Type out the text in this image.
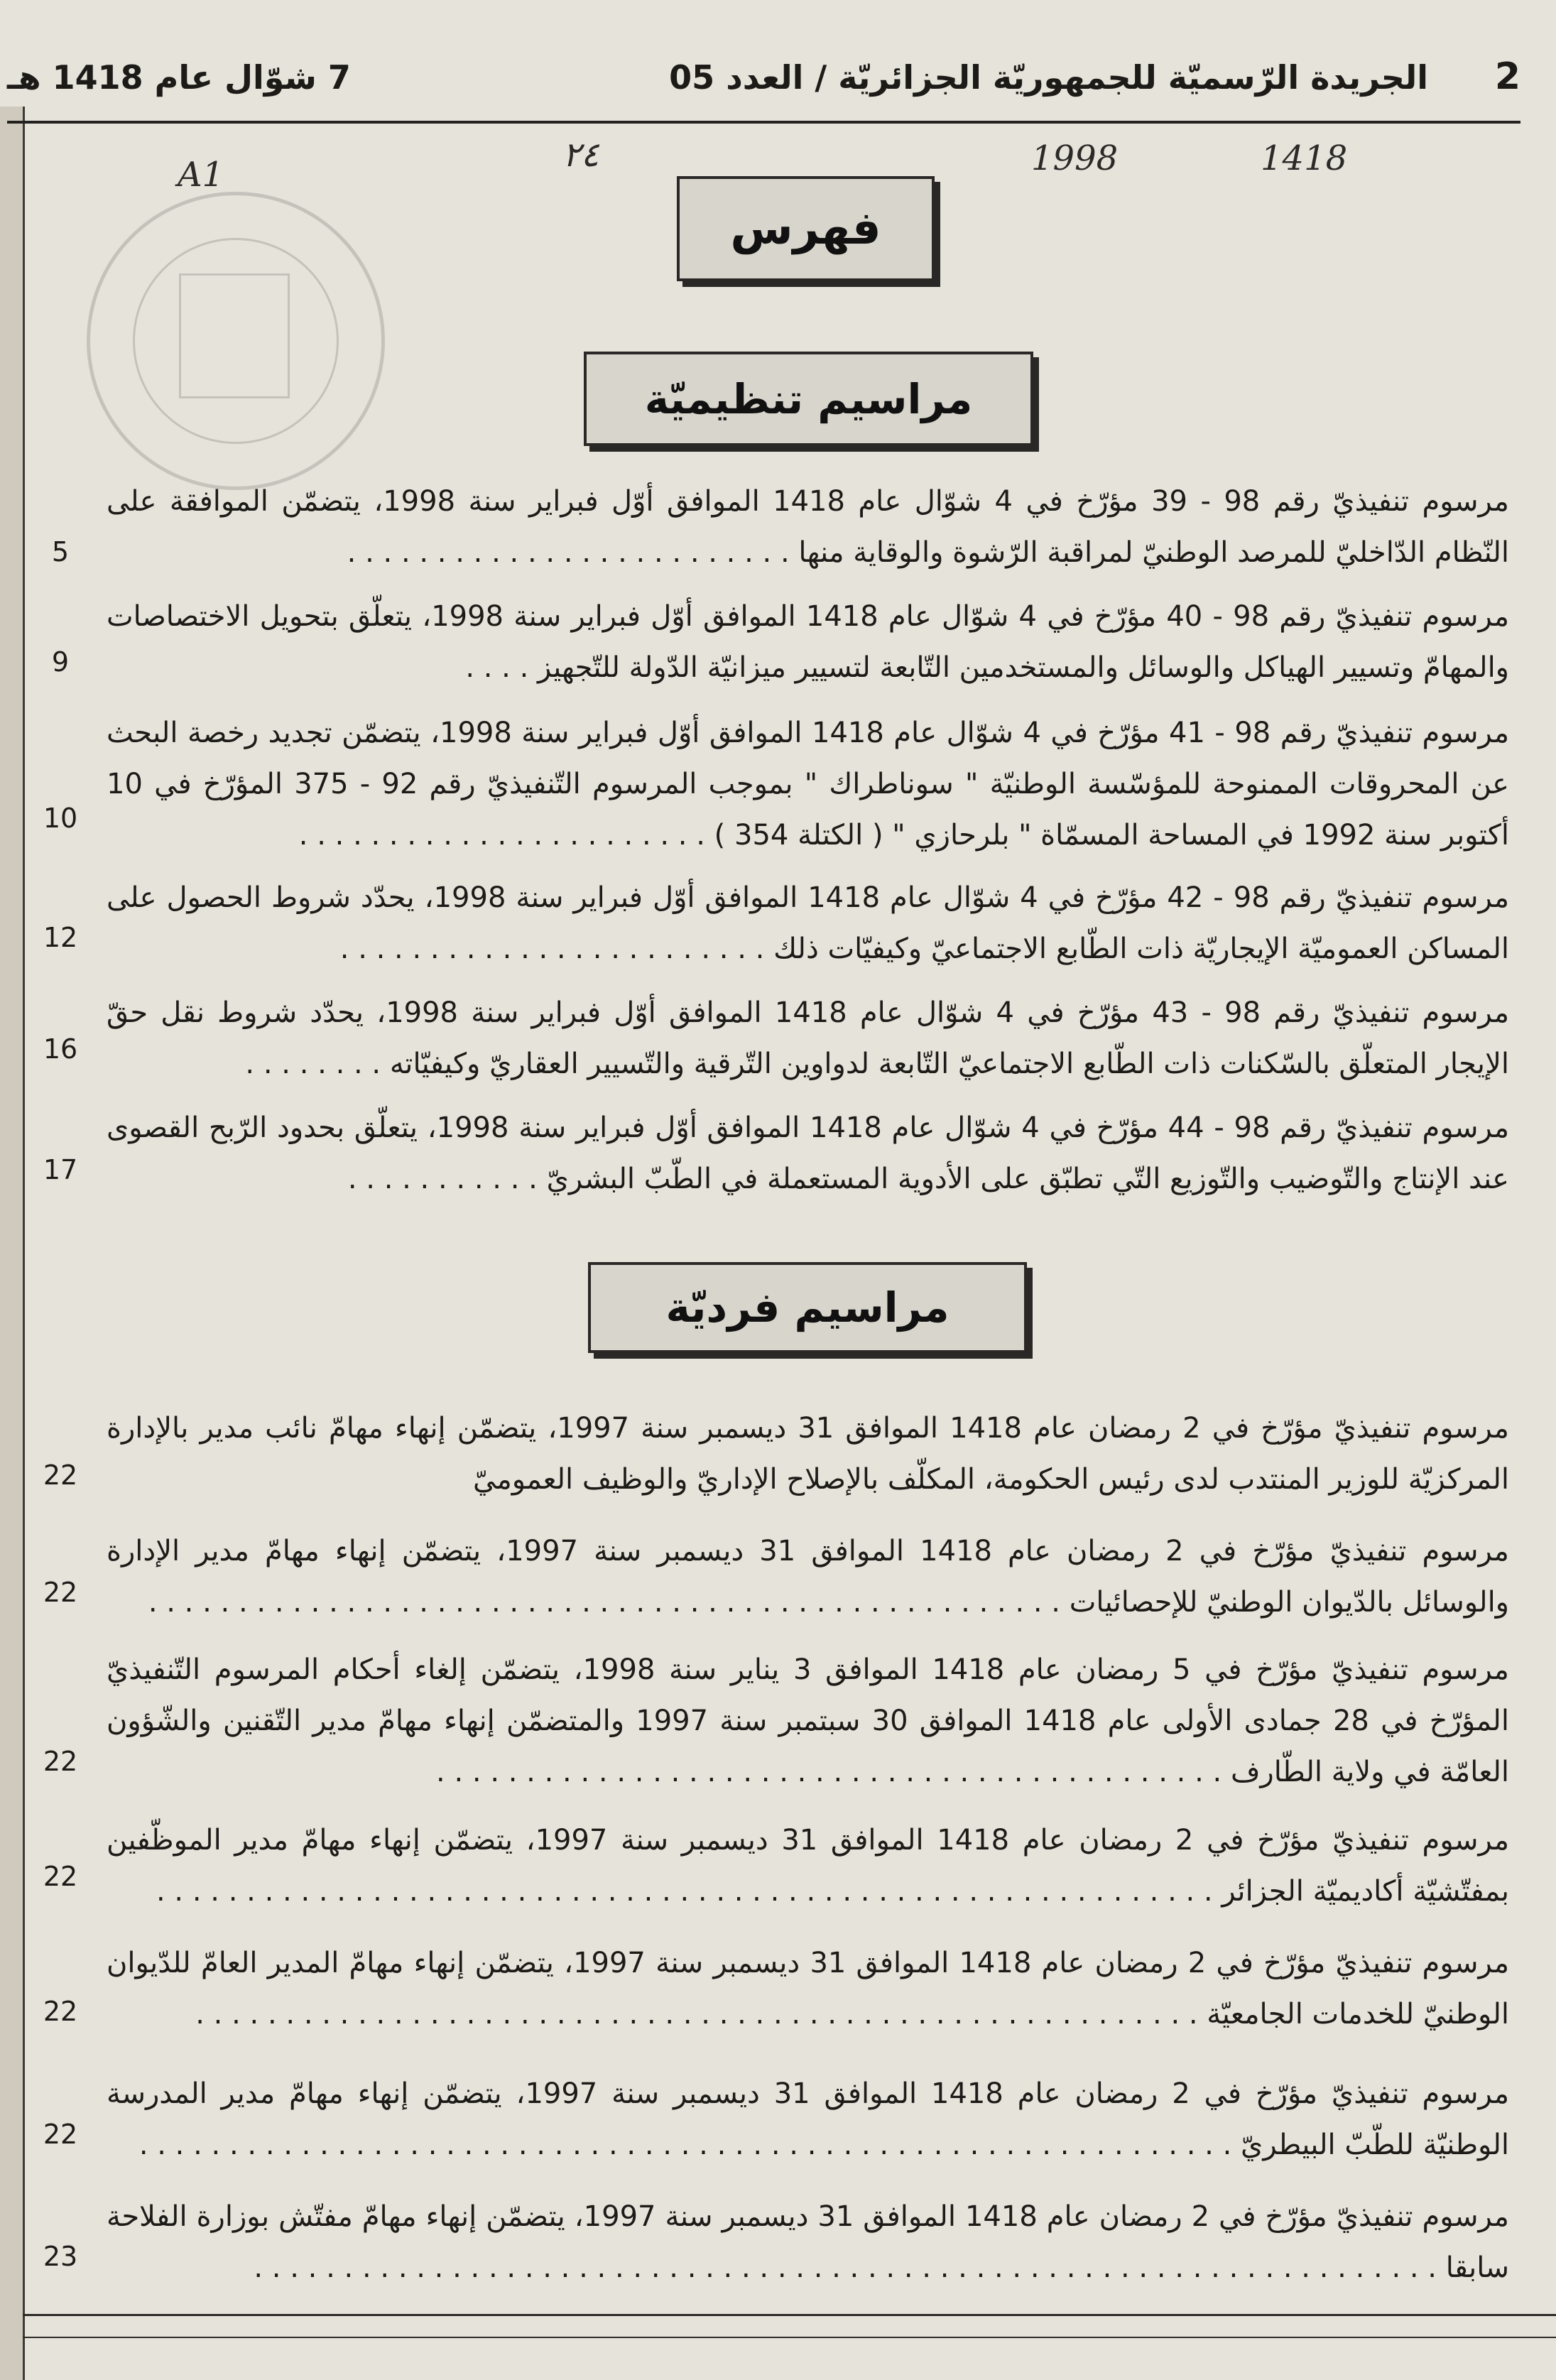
2
الجريدة الرّسميّة للجمهوريّة الجزائريّة / العدد 05
7 شوّال عام 1418 هـ
A1	٢٤	1998	1418
فهرس
مراسيم تنظيميّة
مراسيم فرديّة
مرسوم تنفيذيّ رقم 98 - 39 مؤرّخ في 4 شوّال عام 1418 الموافق أوّل فبراير سنة 1998، يتضمّن الموافقة على النّظام الدّاخليّ للمرصد الوطنيّ لمراقبة الرّشوة والوقاية منها . . . . . . . . . . . . . . . . . . . . . . . . .
5
مرسوم تنفيذيّ رقم 98 - 40 مؤرّخ في 4 شوّال عام 1418 الموافق أوّل فبراير سنة 1998، يتعلّق بتحويل الاختصاصات والمهامّ وتسيير الهياكل والوسائل والمستخدمين التّابعة لتسيير ميزانيّة الدّولة للتّجهيز . . . .
9
مرسوم تنفيذيّ رقم 98 - 41 مؤرّخ في 4 شوّال عام 1418 الموافق أوّل فبراير سنة 1998، يتضمّن تجديد رخصة البحث عن المحروقات الممنوحة للمؤسّسة الوطنيّة " سوناطراك " بموجب المرسوم التّنفيذيّ رقم 92 - 375 المؤرّخ في 10 أكتوبر سنة 1992 في المساحة المسمّاة " بلرحازي " ( الكتلة 354 ) . . . . . . . . . . . . . . . . . . . . . . .
10
مرسوم تنفيذيّ رقم 98 - 42 مؤرّخ في 4 شوّال عام 1418 الموافق أوّل فبراير سنة 1998، يحدّد شروط الحصول على المساكن العموميّة الإيجاريّة ذات الطّابع الاجتماعيّ وكيفيّات ذلك . . . . . . . . . . . . . . . . . . . . . . . .
12
مرسوم تنفيذيّ رقم 98 - 43 مؤرّخ في 4 شوّال عام 1418 الموافق أوّل فبراير سنة 1998، يحدّد شروط نقل حقّ الإيجار المتعلّق بالسّكنات ذات الطّابع الاجتماعيّ التّابعة لدواوين التّرقية والتّسيير العقاريّ وكيفيّاته . . . . . . . .
16
مرسوم تنفيذيّ رقم 98 - 44 مؤرّخ في 4 شوّال عام 1418 الموافق أوّل فبراير سنة 1998، يتعلّق بحدود الرّبح القصوى عند الإنتاج والتّوضيب والتّوزيع التّي تطبّق على الأدوية المستعملة في الطّبّ البشريّ . . . . . . . . . . .
17
مرسوم تنفيذيّ مؤرّخ في 2 رمضان عام 1418 الموافق 31 ديسمبر سنة 1997، يتضمّن إنهاء مهامّ نائب مدير بالإدارة المركزيّة للوزير المنتدب لدى رئيس الحكومة، المكلّف بالإصلاح الإداريّ والوظيف العموميّ
22
مرسوم تنفيذيّ مؤرّخ في 2 رمضان عام 1418 الموافق 31 ديسمبر سنة 1997، يتضمّن إنهاء مهامّ مدير الإدارة والوسائل بالدّيوان الوطنيّ للإحصائيات . . . . . . . . . . . . . . . . . . . . . . . . . . . . . . . . . . . . . . . . . . . . . . . . . . .
22
مرسوم تنفيذيّ مؤرّخ في 5 رمضان عام 1418 الموافق 3 يناير سنة 1998، يتضمّن إلغاء أحكام المرسوم التّنفيذيّ المؤرّخ في 28 جمادى الأولى عام 1418 الموافق 30 سبتمبر سنة 1997 والمتضمّن إنهاء مهامّ مدير التّقنين والشّؤون العامّة في ولاية الطّارف . . . . . . . . . . . . . . . . . . . . . . . . . . . . . . . . . . . . . . . . . . . .
22
مرسوم تنفيذيّ مؤرّخ في 2 رمضان عام 1418 الموافق 31 ديسمبر سنة 1997، يتضمّن إنهاء مهامّ مدير الموظّفين بمفتّشيّة أكاديميّة الجزائر . . . . . . . . . . . . . . . . . . . . . . . . . . . . . . . . . . . . . . . . . . . . . . . . . . . . . . . . . . .
22
مرسوم تنفيذيّ مؤرّخ في 2 رمضان عام 1418 الموافق 31 ديسمبر سنة 1997، يتضمّن إنهاء مهامّ المدير العامّ للدّيوان الوطنيّ للخدمات الجامعيّة . . . . . . . . . . . . . . . . . . . . . . . . . . . . . . . . . . . . . . . . . . . . . . . . . . . . . . . .
22
مرسوم تنفيذيّ مؤرّخ في 2 رمضان عام 1418 الموافق 31 ديسمبر سنة 1997، يتضمّن إنهاء مهامّ مدير المدرسة الوطنيّة للطّبّ البيطريّ . . . . . . . . . . . . . . . . . . . . . . . . . . . . . . . . . . . . . . . . . . . . . . . . . . . . . . . . . . . . .
22
مرسوم تنفيذيّ مؤرّخ في 2 رمضان عام 1418 الموافق 31 ديسمبر سنة 1997، يتضمّن إنهاء مهامّ مفتّش بوزارة الفلاحة سابقا . . . . . . . . . . . . . . . . . . . . . . . . . . . . . . . . . . . . . . . . . . . . . . . . . . . . . . . . . . . . . . . . . .
23
